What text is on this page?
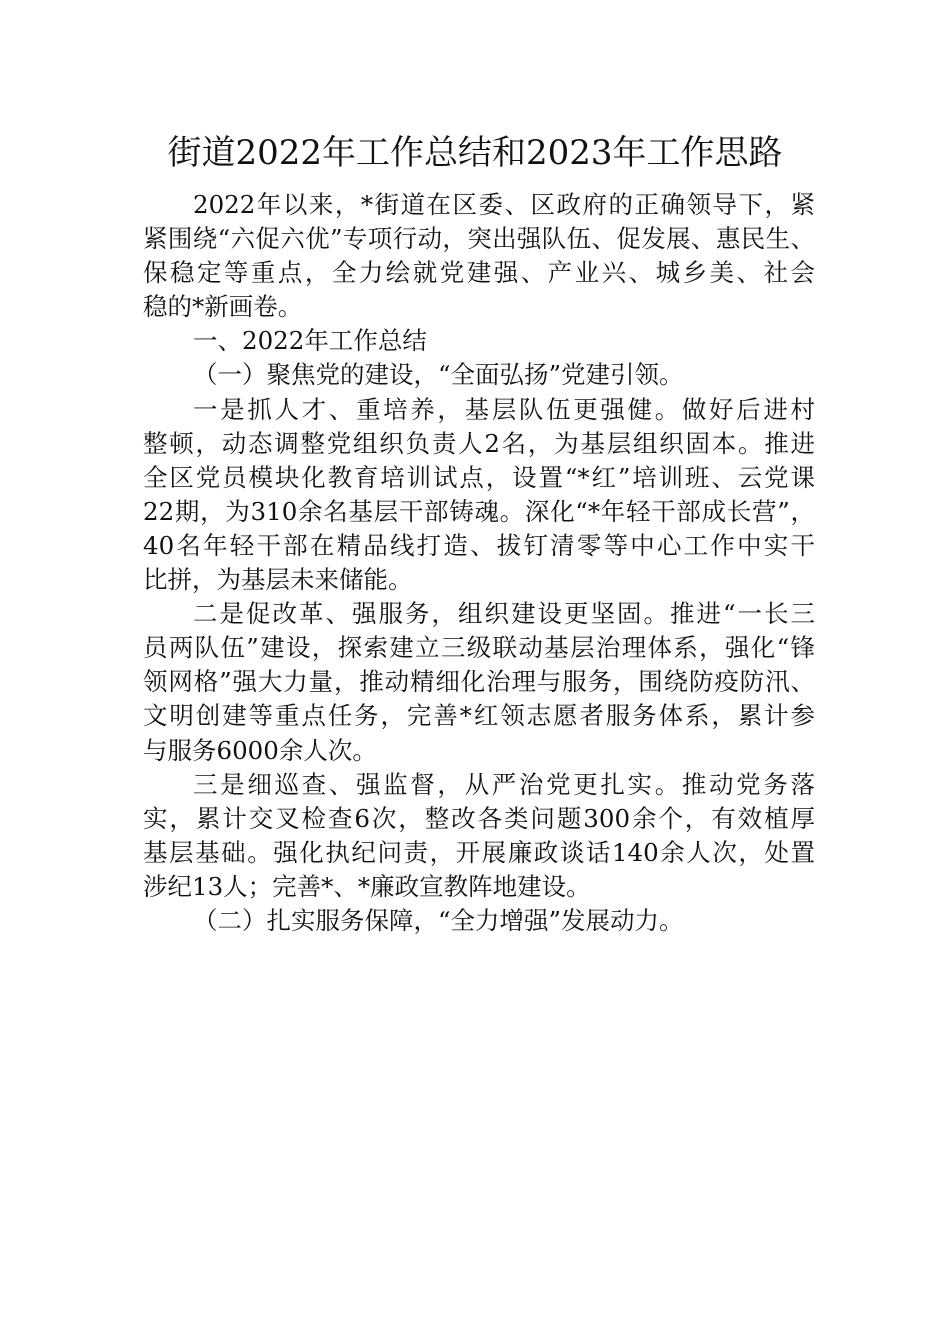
街道2022年工作总结和2023年工作思路
2022年以来，*街道在区委、区政府的正确领导下，紧
紧围绕“六促六优”专项行动，突出强队伍、促发展、惠民生、
保稳定等重点，全力绘就党建强、产业兴、城乡美、社会
稳的*新画卷。
一、2022年工作总结
（一）聚焦党的建设，“全面弘扬”党建引领。
一是抓人才、重培养，基层队伍更强健。做好后进村
整顿，动态调整党组织负责人2名，为基层组织固本。推进
全区党员模块化教育培训试点，设置“*红”培训班、云党课
22期，为310余名基层干部铸魂。深化“*年轻干部成长营”，
40名年轻干部在精品线打造、拔钉清零等中心工作中实干
比拼，为基层未来储能。
二是促改革、强服务，组织建设更坚固。推进“一长三
员两队伍”建设，探索建立三级联动基层治理体系，强化“锋
领网格”强大力量，推动精细化治理与服务，围绕防疫防汛、
文明创建等重点任务，完善*红领志愿者服务体系，累计参
与服务6000余人次。
三是细巡查、强监督，从严治党更扎实。推动党务落
实，累计交叉检查6次，整改各类问题300余个，有效植厚
基层基础。强化执纪问责，开展廉政谈话140余人次，处置
涉纪13人；完善*、*廉政宣教阵地建设。
（二）扎实服务保障，“全力增强”发展动力。
